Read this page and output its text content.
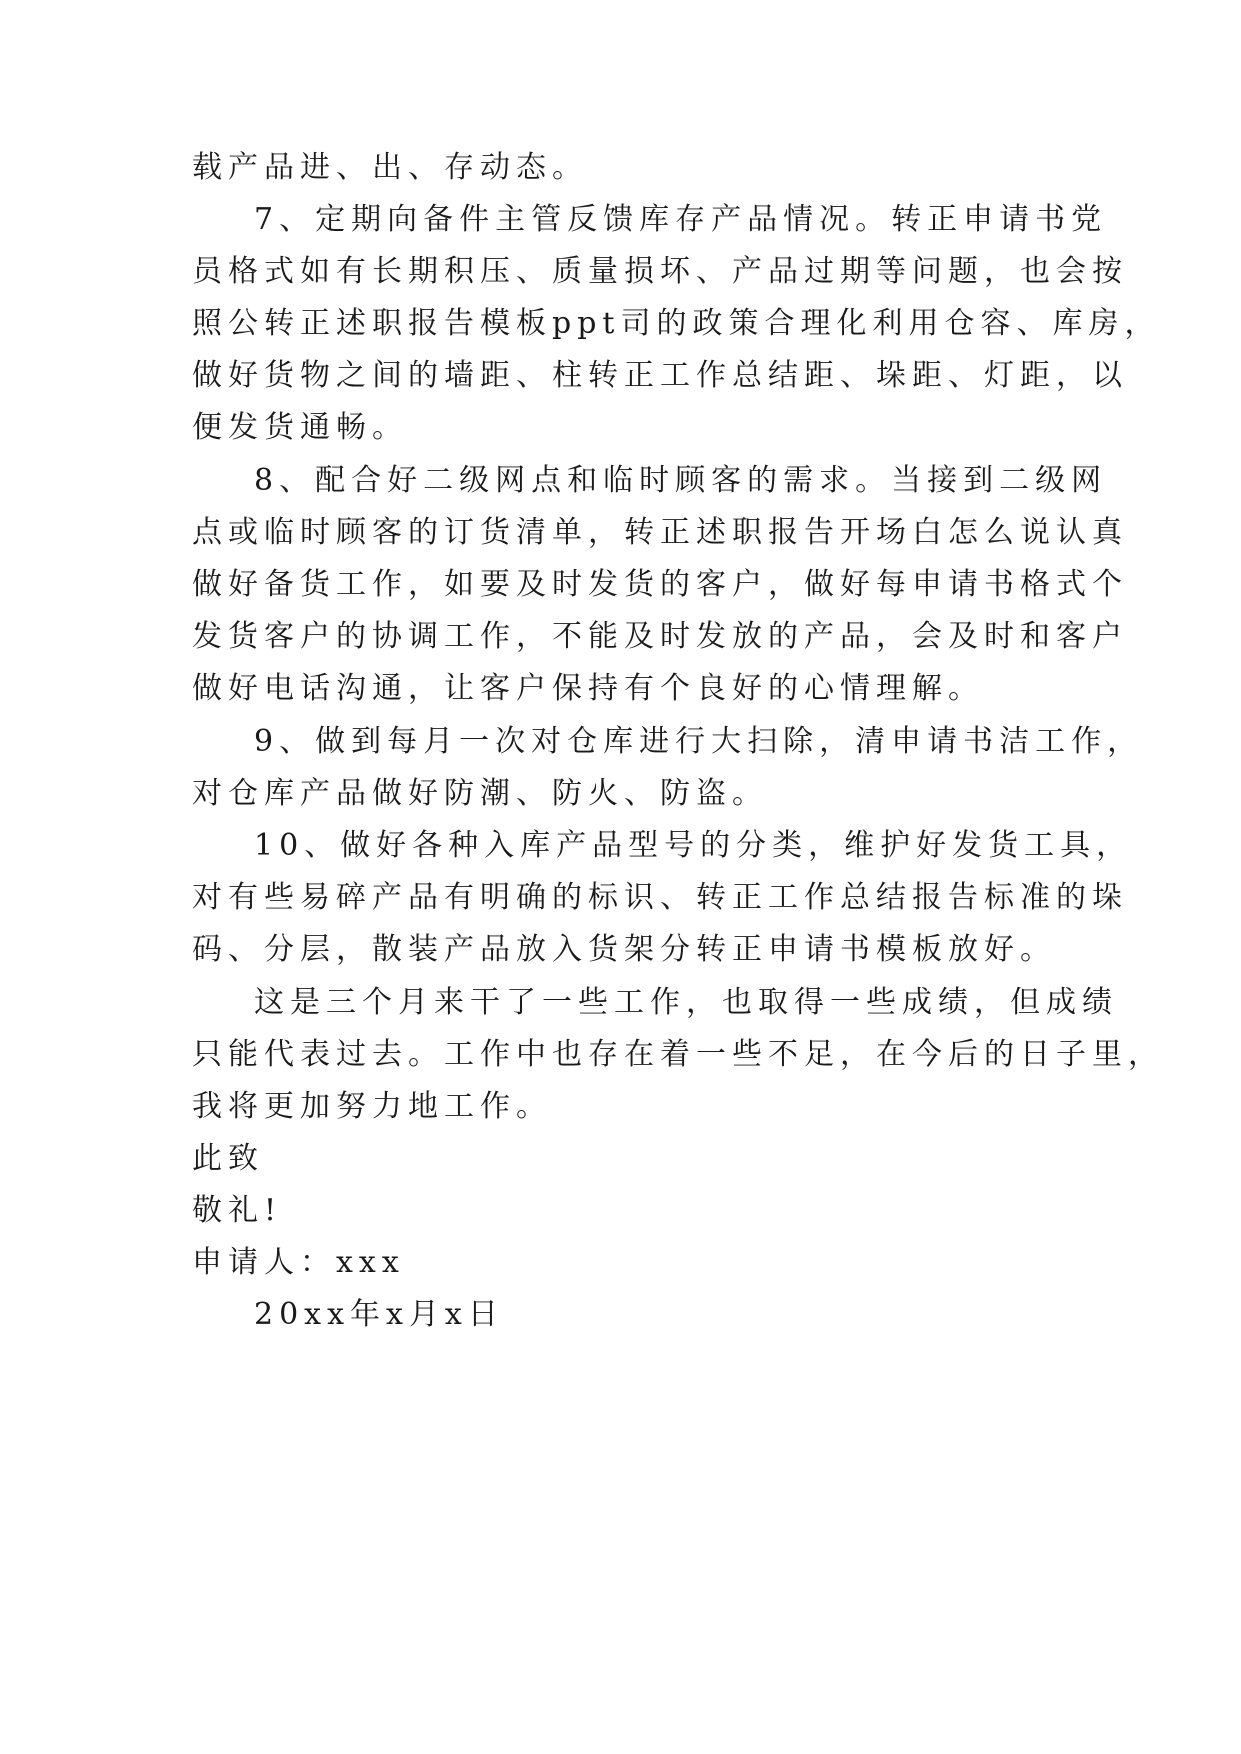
载产品进、出、存动态。
7、定期向备件主管反馈库存产品情况。转正申请书党
员格式如有长期积压、质量损坏、产品过期等问题，也会按
照公转正述职报告模板ppt司的政策合理化利用仓容、库房，
做好货物之间的墙距、柱转正工作总结距、垛距、灯距，以
便发货通畅。
8、配合好二级网点和临时顾客的需求。当接到二级网
点或临时顾客的订货清单，转正述职报告开场白怎么说认真
做好备货工作，如要及时发货的客户，做好每申请书格式个
发货客户的协调工作，不能及时发放的产品，会及时和客户
做好电话沟通，让客户保持有个良好的心情理解。
9、做到每月一次对仓库进行大扫除，清申请书洁工作，
对仓库产品做好防潮、防火、防盗。
10、做好各种入库产品型号的分类，维护好发货工具，
对有些易碎产品有明确的标识、转正工作总结报告标准的垛
码、分层，散装产品放入货架分转正申请书模板放好。
这是三个月来干了一些工作，也取得一些成绩，但成绩
只能代表过去。工作中也存在着一些不足，在今后的日子里，
我将更加努力地工作。
此致
敬礼!
申请人：xxx
20xx年x月x日
